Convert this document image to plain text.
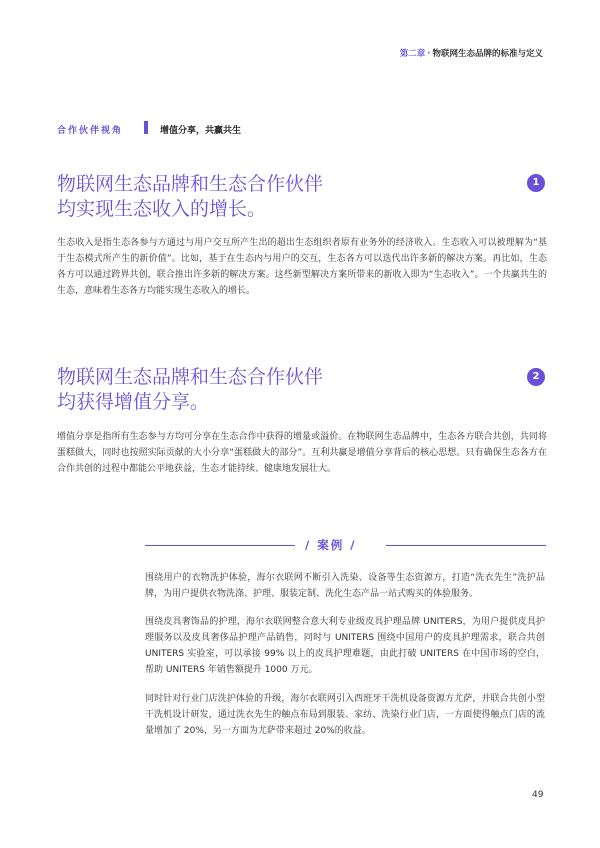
第二章 · 物联网生态品牌的标准与定义
合作伙伴视角	增值分享，共赢共生
物联网生态品牌和生态合作伙伴
均实现生态收入的增长。
1
生态收入是指生态各参与方通过与用户交互所产生出的超出生态组织者原有业务外的经济收入。生态收入可以被理解为“基于生态模式所产生的新价值”。比如，基于在生态内与用户的交互，生态各方可以迭代出许多新的解决方案。再比如，生态各方可以通过跨界共创，联合推出许多新的解决方案。这些新型解决方案所带来的新收入即为“生态收入”。一个共赢共生的生态，意味着生态各方均能实现生态收入的增长。
物联网生态品牌和生态合作伙伴
均获得增值分享。
2
增值分享是指所有生态参与方均可分享在生态合作中获得的增量或溢价。在物联网生态品牌中，生态各方联合共创，共同将蛋糕做大，同时也按照实际贡献的大小分享“蛋糕做大的部分”。互利共赢是增值分享背后的核心思想。只有确保生态各方在合作共创的过程中都能公平地获益，生态才能持续、健康地发展壮大。
/ 案例 /
围绕用户的衣物洗护体验，海尔衣联网不断引入洗染、设备等生态资源方，打造“洗衣先生”洗护品牌，为用户提供衣物洗涤、护理、服装定制、洗化生态产品一站式购买的体验服务。
围绕皮具奢饰品的护理，海尔衣联网整合意大利专业级皮具护理品牌 UNITERS，为用户提供皮具护理服务以及皮具奢侈品护理产品销售，同时与 UNITERS 围绕中国用户的皮具护理需求，联合共创 UNITERS 实验室，可以承接 99% 以上的皮具护理难题，由此打破 UNITERS 在中国市场的空白，帮助 UNITERS 年销售额提升 1000 万元。
同时针对行业门店洗护体验的升级，海尔衣联网引入西班牙干洗机设备资源方尤萨，并联合共创小型干洗机设计研发，通过洗衣先生的触点布局到服装、家纺、洗染行业门店，一方面使得触点门店的流量增加了 20%，另一方面为尤萨带来超过 20%的收益。
49
